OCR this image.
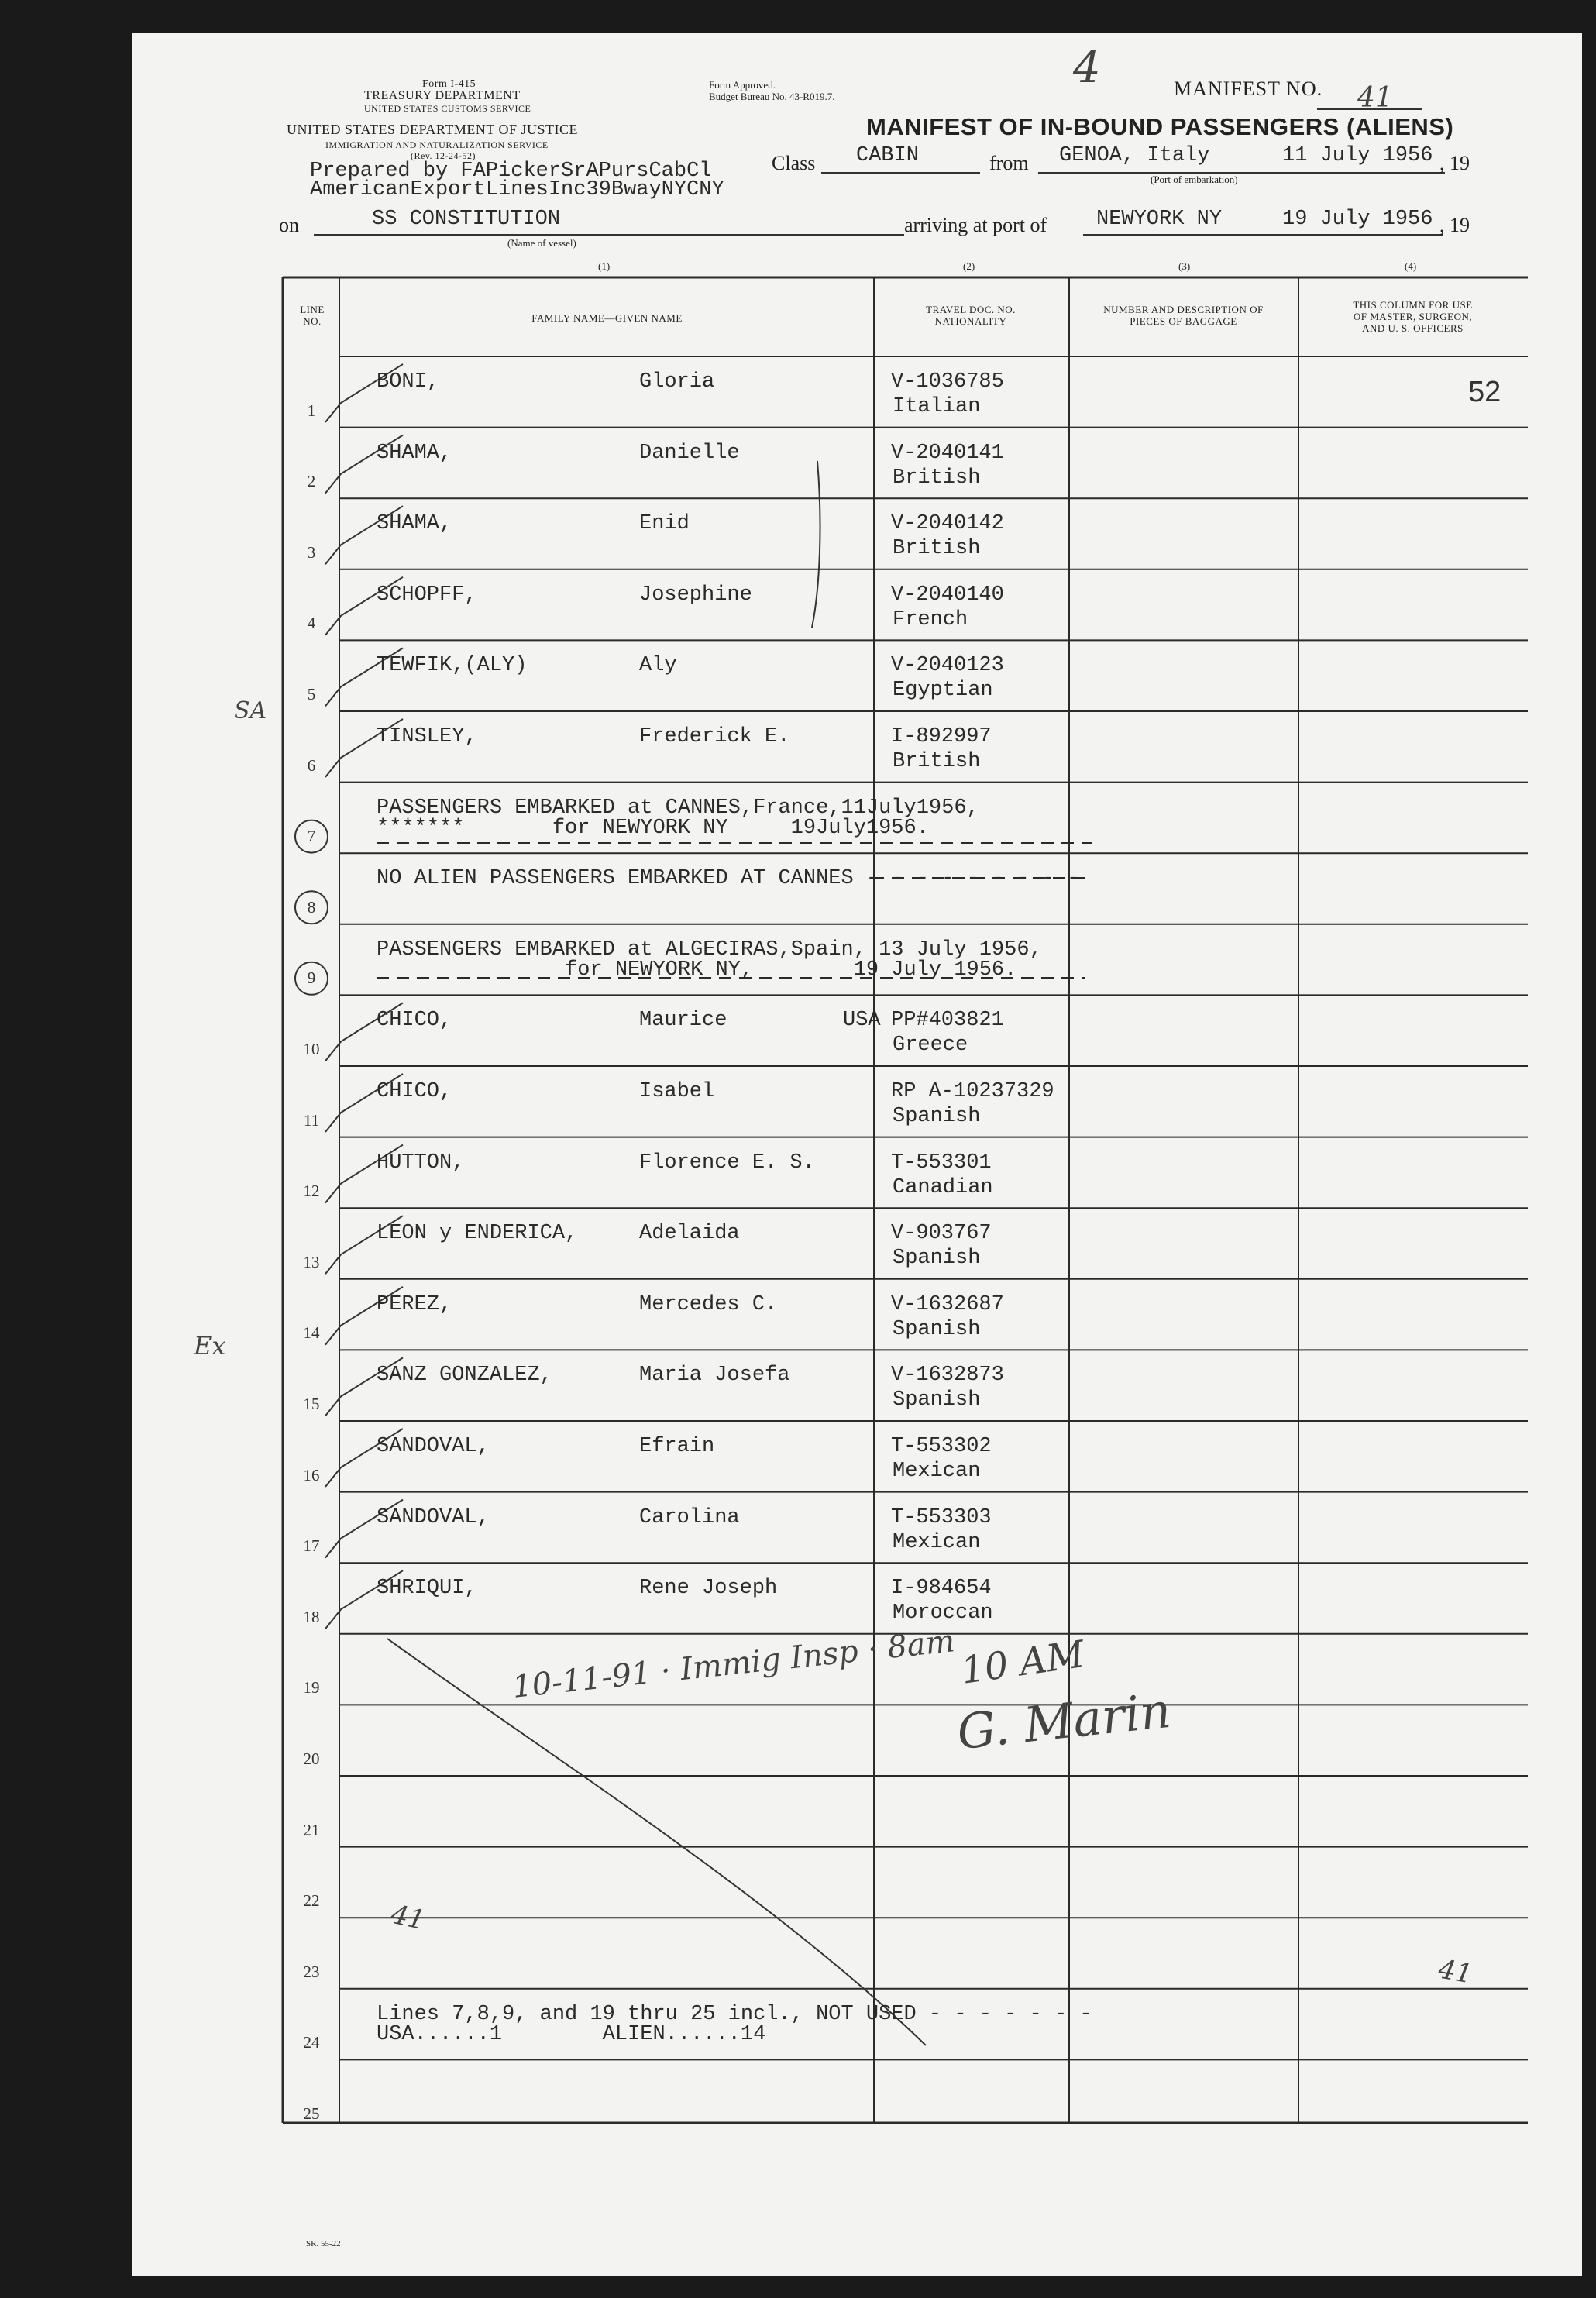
Form I-415
TREASURY DEPARTMENT
UNITED STATES CUSTOMS SERVICE
UNITED STATES DEPARTMENT OF JUSTICE
IMMIGRATION AND NATURALIZATION SERVICE
(Rev. 12-24-52)
Form Approved.
Budget Bureau No. 43-R019.7.
4	MANIFEST NO. 41
MANIFEST OF IN-BOUND PASSENGERS (ALIENS)
Prepared by FAPickerSrAPursCabCl
AmericanExportLinesInc39BwayNYCNY
Class CABIN	from GENOA, Italy	11 July 1956 , 19
(Port of embarkation)
on	SS CONSTITUTION
(Name of vessel)
arriving at port of NEWYORK NY	19 July 1956 , 19
(1)	(2)	(3)	(4)
LINE
NO.	FAMILY NAME—GIVEN NAME
TRAVEL DOC. NO.
NATIONALITY
NUMBER AND DESCRIPTION OF
PIECES OF BAGGAGE
THIS COLUMN FOR USE
OF MASTER, SURGEON,
AND U. S. OFFICERS
1
BONI,	Gloria	V-1036785
Italian
2
SHAMA,	Danielle	V-2040141
British
3
SHAMA,	Enid	V-2040142
British
4
SCHOPFF,	Josephine	V-2040140
French
5
TEWFIK,(ALY)	Aly	V-2040123
Egyptian
6
TINSLEY,	Frederick E.	I-892997
British
7
PASSENGERS EMBARKED at CANNES,France,11July1956,
*******       for NEWYORK NY     19July1956.
8
NO ALIEN PASSENGERS EMBARKED AT CANNES - - - - - - - - -
9
PASSENGERS EMBARKED at ALGECIRAS,Spain, 13 July 1956,
for NEWYORK NY,        19 July 1956.
10
CHICO,	Maurice	USA PP#403821
Greece
11
CHICO,	Isabel	RP A-10237329
Spanish
12
HUTTON,	Florence E. S.	T-553301
Canadian
13
LEON y ENDERICA,	Adelaida	V-903767
Spanish
14
PEREZ,	Mercedes C.	V-1632687
Spanish
15
SANZ GONZALEZ,	Maria Josefa	V-1632873
Spanish
16
SANDOVAL,	Efrain	T-553302
Mexican
17
SANDOVAL,	Carolina	T-553303
Mexican
18
SHRIQUI,	Rene Joseph	I-984654
Moroccan
19
20
21
22
23
24
Lines 7,8,9, and 19 thru 25 incl., NOT USED - - - - - - -
USA......1        ALIEN......14
25
52
SA
Ex
10-11-91 · Immig Insp · 8am 10 AM
G. Marin
41
41
SR. 55-22
